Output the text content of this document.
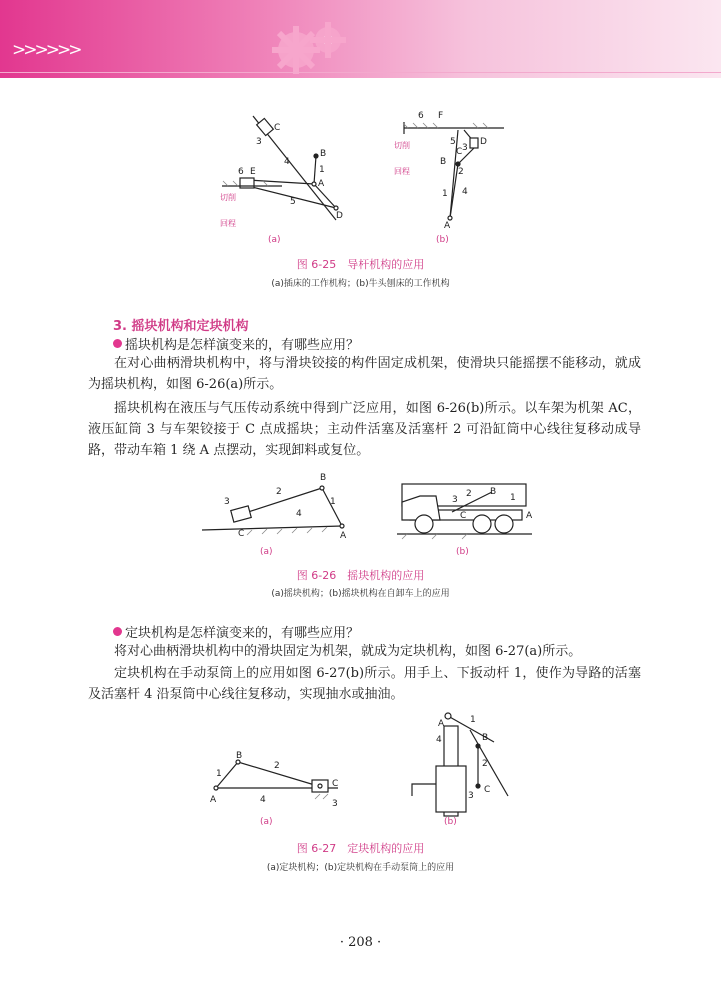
>>>>>>
3
C
4
B
1
A
6 E
5
D
6 F
5
C
D
3
B
2
1 4
A
切削
回程
切削
回程
(a)	(b)
图 6-25　导杆机构的应用
(a)插床的工作机构；(b)牛头刨床的工作机构
3. 摇块机构和定块机构
摇块机构是怎样演变来的，有哪些应用？

在对心曲柄滑块机构中，将与滑块铰接的构件固定成机架，使滑块只能摇摆不能移动，就成为摇块机构，如图 6-26(a)所示。

摇块机构在液压与气压传动系统中得到广泛应用，如图 6-26(b)所示。以车架为机架 AC，液压缸筒 3 与车架铰接于 C 点成摇块；主动件活塞及活塞杆 2 可沿缸筒中心线往复移动成导路，带动车箱 1 绕 A 点摆动，实现卸料或复位。

3
2
B
1
4
C	A
3
2 B
1
C	A
(a)	(b)
图 6-26　摇块机构的应用
(a)摇块机构；(b)摇块机构在自卸车上的应用
定块机构是怎样演变来的，有哪些应用？

将对心曲柄滑块机构中的滑块固定为机架，就成为定块机构，如图 6-27(a)所示。

定块机构在手动泵筒上的应用如图 6-27(b)所示。用手上、下扳动杆 1，使作为导路的活塞及活塞杆 4 沿泵筒中心线往复移动，实现抽水或抽油。

B
1
2
A	4
C
3
A	1
4	B
2
3
C
(a)	(b)
图 6-27　定块机构的应用
(a)定块机构；(b)定块机构在手动泵筒上的应用
· 208 ·
